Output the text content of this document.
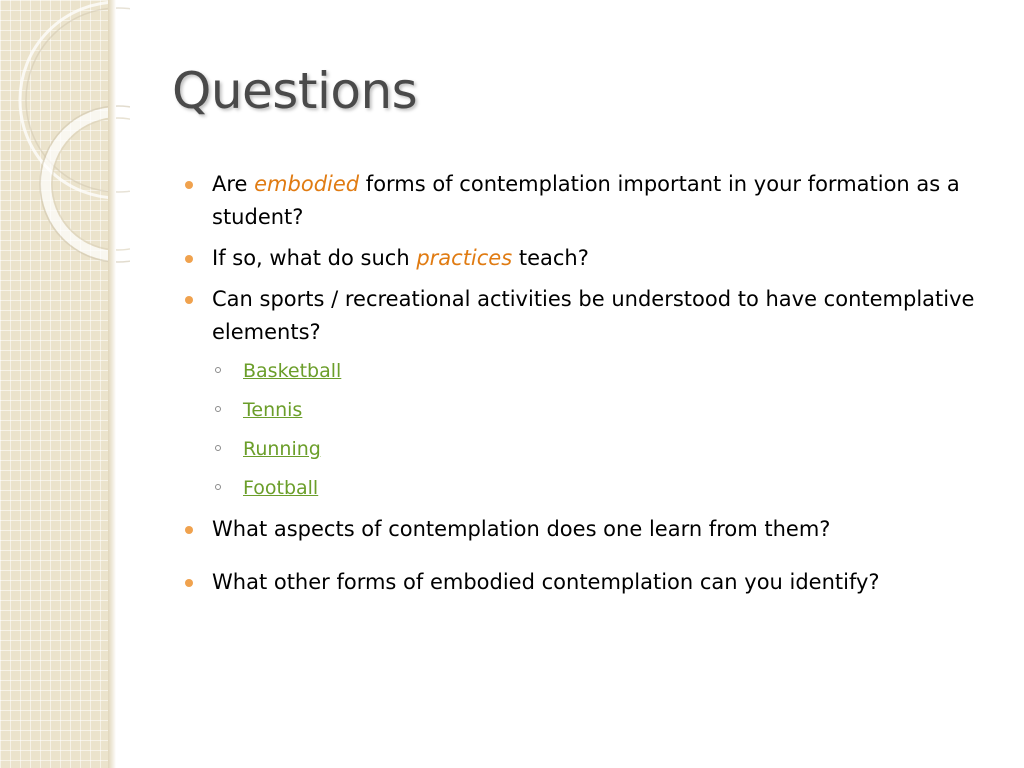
Questions
Are embodied forms of contemplation important in your formation as a student?
If so, what do such practices teach?
Can sports / recreational activities be understood to have contemplative elements?
Basketball
Tennis
Running
Football
What aspects of contemplation does one learn from them?
What other forms of embodied contemplation can you identify?
